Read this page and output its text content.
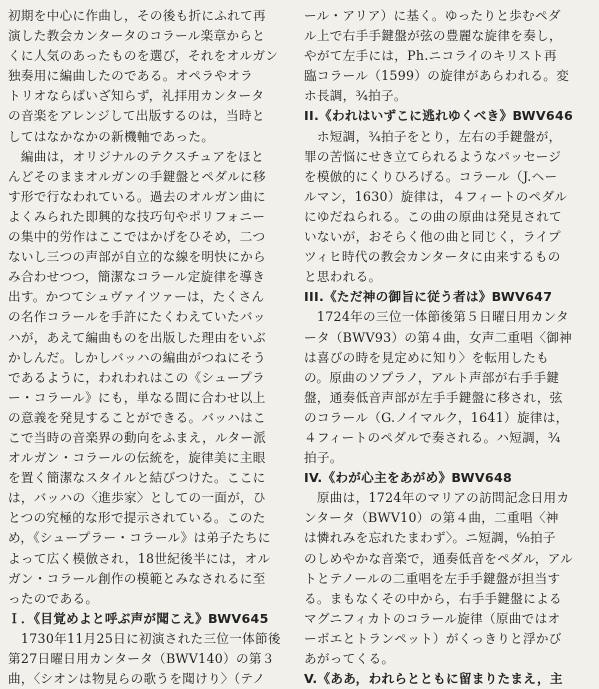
初期を中心に作曲し，その後も折にふれて再
演した教会カンタータのコラール楽章からと
くに人気のあったものを選び，それをオルガン
独奏用に編曲したのである。オペラやオラ
トリオならばいざ知らず，礼拝用カンタータ
の音楽をアレンジして出版するのは，当時と
してはなかなかの新機軸であった。
　編曲は，オリジナルのテクスチュアをほと
んどそのままオルガンの手鍵盤とペダルに移
す形で行なわれている。過去のオルガン曲に
よくみられた即興的な技巧句やポリフォニー
の集中的労作はここではかげをひそめ，二つ
ないし三つの声部が自立的な線を明快にから
み合わせつつ，簡潔なコラール定旋律を導き
出す。かつてシュヴァイツァーは，たくさん
の名作コラールを手許にたくわえていたバッ
ハが，あえて編曲ものを出版した理由をいぶ
かしんだ。しかしバッハの編曲がつねにそう
であるように，われわれはこの《シュープラ
ー・コラール》にも，単なる間に合わせ以上
の意義を発見することができる。バッハはこ
こで当時の音楽界の動向をふまえ，ルター派
オルガン・コラールの伝統を，旋律美に主眼
を置く簡潔なスタイルと結びつけた。ここに
は，バッハの〈進歩家〉としての一面が，ひ
とつの究極的な形で提示されている。このた
め，《シュープラー・コラール》は弟子たちに
よって広く模倣され，18世紀後半には，オル
ガン・コラール創作の模範とみなされるに至
ったのである。
Ｉ．《目覚めよと呼ぶ声が聞こえ》BWV645
　1730年11月25日に初演された三位一体節後
第27日曜日用カンタータ（BWV140）の第３
曲，〈シオンは物見らの歌うを聞けり〉（テノ
ール・アリア）に基く。ゆったりと歩むペダ
ル上で右手手鍵盤が弦の豊麗な旋律を奏し，
やがて左手には，Ph.ニコライのキリスト再
臨コラール（1599）の旋律があらわれる。変
ホ長調，¾拍子。
II.《われはいずこに逃れゆくべき》BWV646
　ホ短調，¾拍子をとり，左右の手鍵盤が，
罪の苦悩にせき立てられるようなパッセージ
を模倣的にくりひろげる。コラール（J.ヘー
ルマン，1630）旋律は，４フィートのペダル
にゆだねられる。この曲の原曲は発見されて
いないが，おそらく他の曲と同じく，ライプ
ツィヒ時代の教会カンタータに由来するもの
と思われる。
III.《ただ神の御旨に従う者は》BWV647
　1724年の三位一体節後第５日曜日用カンタ
ータ（BWV93）の第４曲，女声二重唱〈御神
は喜びの時を見定めに知り〉を転用したも
の。原曲のソプラノ，アルト声部が右手手鍵
盤，通奏低音声部が左手手鍵盤に移され，弦
のコラール（G.ノイマルク，1641）旋律は，
４フィートのペダルで奏される。ハ短調，¾
拍子。
IV.《わが心主をあがめ》BWV648
　原曲は，1724年のマリアの訪問記念日用カ
ンタータ（BWV10）の第４曲，二重唱〈神
は憐れみを忘れたまわず〉。ニ短調，⁶⁄₈拍子
のしめやかな音楽で，通奏低音をペダル，アル
トとテノールの二重唱を左手手鍵盤が担当す
る。まもなくその中から，右手手鍵盤による
マグニフィカトのコラール旋律（原曲ではオ
ーボエとトランペット）がくっきりと浮かび
あがってくる。
V.《ああ，われらとともに留まりたまえ，主
